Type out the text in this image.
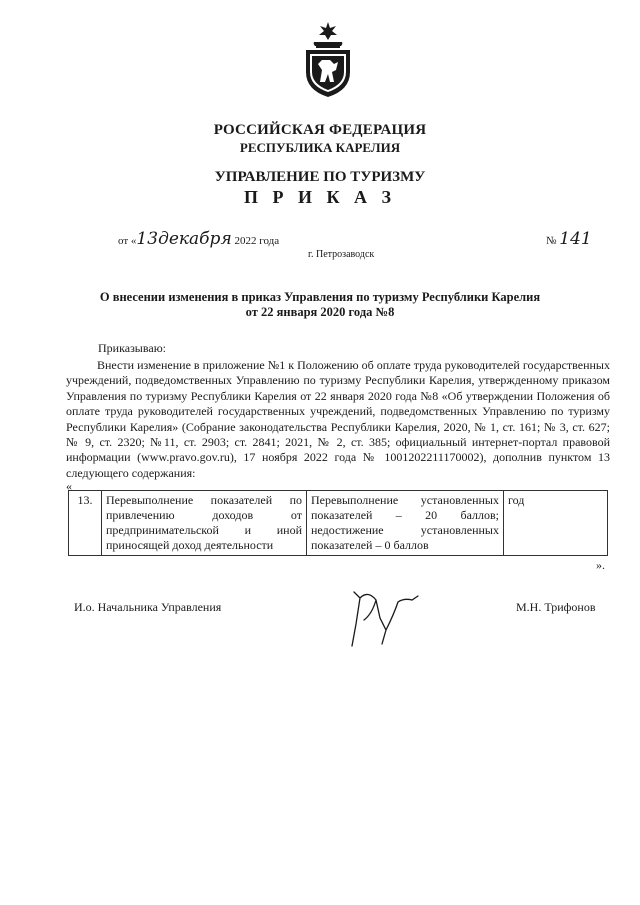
РОССИЙСКАЯ ФЕДЕРАЦИЯ
РЕСПУБЛИКА КАРЕЛИЯ
УПРАВЛЕНИЕ ПО ТУРИЗМУ
П Р И К А З
от «13декабря 2022 года	№ 141
г. Петрозаводск
О внесении изменения в приказ Управления по туризму Республики Карелия
от 22 января 2020 года №8
Приказываю:

Внести изменение в приложение №1 к Положению об оплате труда руководителей государственных учреждений, подведомственных Управлению по туризму Республики Карелия, утвержденному приказом Управления по туризму Республики Карелия от 22 января 2020 года №8 «Об утверждении Положения об оплате труда руководителей государственных учреждений, подведомственных Управлению по туризму Республики Карелия» (Собрание законодательства Республики Карелия, 2020, № 1, ст. 161; № 3, ст. 627; № 9, ст. 2320; №11, ст. 2903; ст. 2841; 2021, № 2, ст. 385; официальный интернет-портал правовой информации (www.pravo.gov.ru), 17 ноября 2022 года № 1001202211170002), дополнив пунктом 13 следующего содержания:

«
13.	Перевыполнение показателей по привлечению доходов от предпринимательской и иной приносящей доход деятельности	Перевыполнение установленных показателей – 20 баллов; недостижение установленных показателей – 0 баллов	год
».
И.о. Начальника Управления	М.Н. Трифонов
